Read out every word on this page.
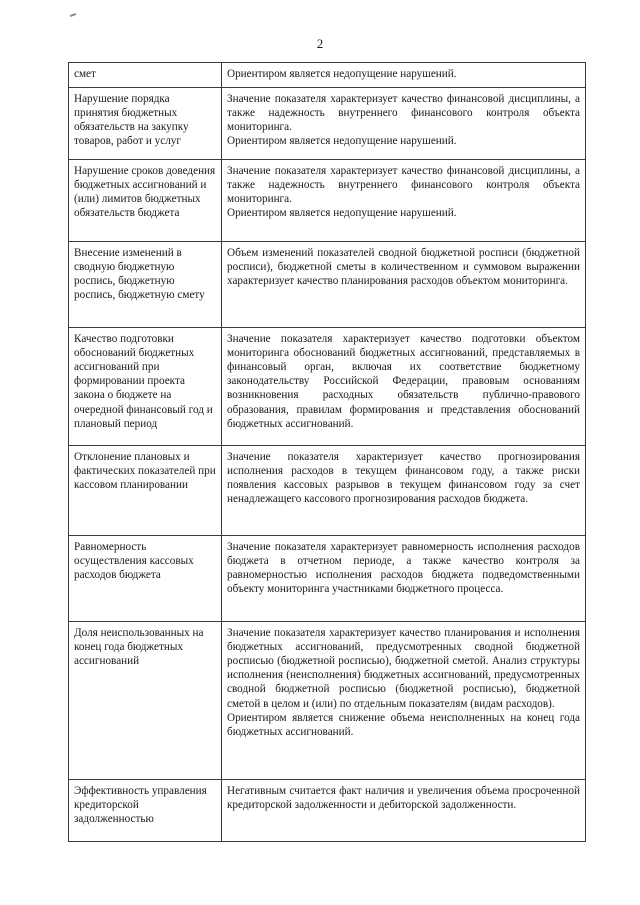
2
смет	Ориентиром является недопущение нарушений.

Нарушение порядка принятия бюджетных обязательств на закупку товаров, работ и услуг	Значение показателя характеризует качество финансовой дисциплины, а также надежность внутреннего финансового контроля объекта мониторинга.
Ориентиром является недопущение нарушений.

Нарушение сроков доведения бюджетных ассигнований и (или) лимитов бюджетных обязательств бюджета	Значение показателя характеризует качество финансовой дисциплины, а также надежность внутреннего финансового контроля объекта мониторинга.
Ориентиром является недопущение нарушений.

Внесение изменений в сводную бюджетную роспись, бюджетную роспись, бюджетную смету	Объем изменений показателей сводной бюджетной росписи (бюджетной росписи), бюджетной сметы в количественном и суммовом выражении характеризует качество планирования расходов объектом мониторинга.

Качество подготовки обоснований бюджетных ассигнований при формировании проекта закона о бюджете на очередной финансовый год и плановый период	Значение показателя характеризует качество подготовки объектом мониторинга обоснований бюджетных ассигнований, представляемых в финансовый орган, включая их соответствие бюджетному законодательству Российской Федерации, правовым основаниям возникновения расходных обязательств публично-правового образования, правилам формирования и представления обоснований бюджетных ассигнований.

Отклонение плановых и фактических показателей при кассовом планировании	Значение показателя характеризует качество прогнозирования исполнения расходов в текущем финансовом году, а также риски появления кассовых разрывов в текущем финансовом году за счет ненадлежащего кассового прогнозирования расходов бюджета.

Равномерность осуществления кассовых расходов бюджета	Значение показателя характеризует равномерность исполнения расходов бюджета в отчетном периоде, а также качество контроля за равномерностью исполнения расходов бюджета подведомственными объекту мониторинга участниками бюджетного процесса.

Доля неиспользованных на конец года бюджетных ассигнований	Значение показателя характеризует качество планирования и исполнения бюджетных ассигнований, предусмотренных сводной бюджетной росписью (бюджетной росписью), бюджетной сметой. Анализ структуры исполнения (неисполнения) бюджетных ассигнований, предусмотренных сводной бюджетной росписью (бюджетной росписью), бюджетной сметой в целом и (или) по отдельным показателям (видам расходов).
Ориентиром является снижение объема неисполненных на конец года бюджетных ассигнований.

Эффективность управления кредиторской задолженностью	Негативным считается факт наличия и увеличения объема просроченной кредиторской задолженности и дебиторской задолженности.
